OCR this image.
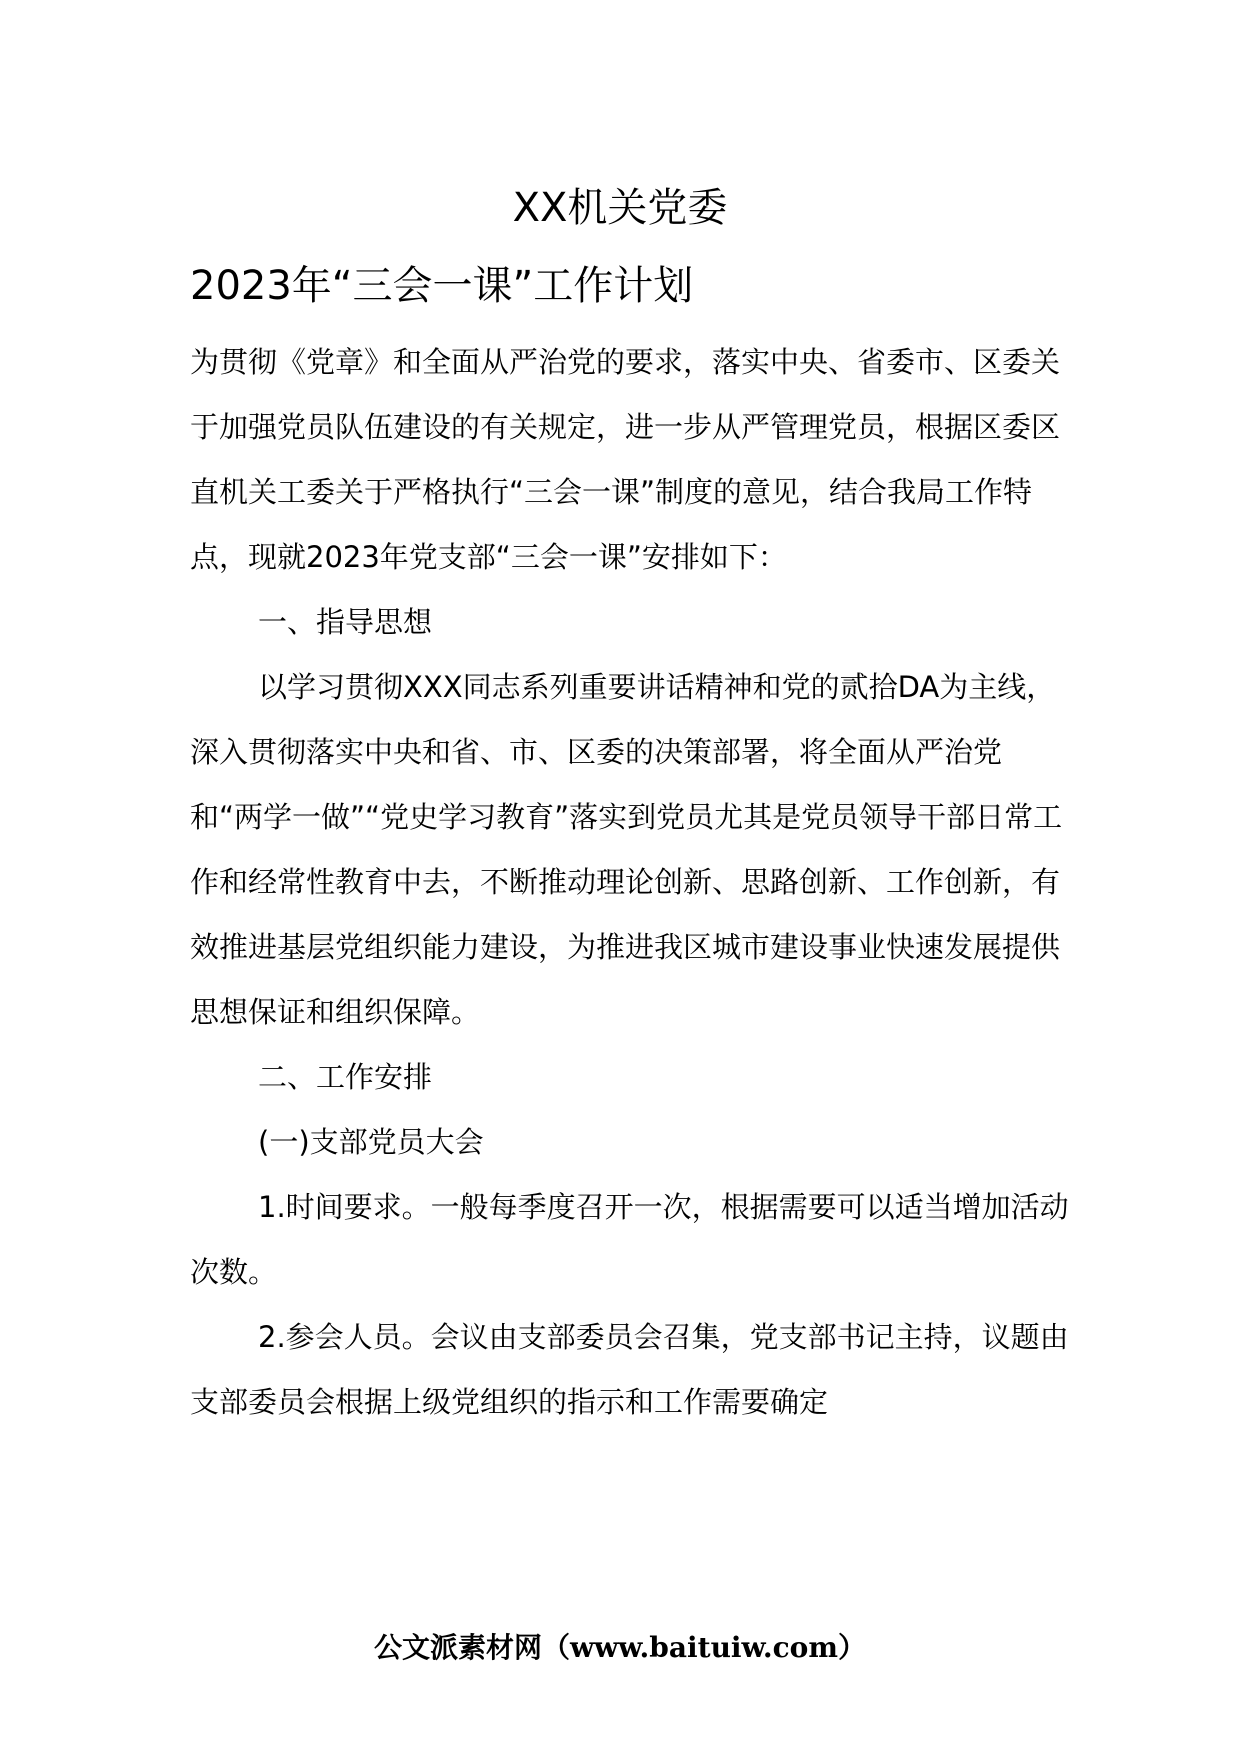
XX机关党委
2023年“三会一课”工作计划

为贯彻《党章》和全面从严治党的要求，落实中央、省委市、区委关于加强党员队伍建设的有关规定，进一步从严管理党员，根据区委区直机关工委关于严格执行“三会一课”制度的意见，结合我局工作特点，现就2023年党支部“三会一课”安排如下：

一、指导思想

以学习贯彻XXX同志系列重要讲话精神和党的贰拾DA为主线，深入贯彻落实中央和省、市、区委的决策部署，将全面从严治党和“两学一做”“党史学习教育”落实到党员尤其是党员领导干部日常工作和经常性教育中去，不断推动理论创新、思路创新、工作创新，有效推进基层党组织能力建设，为推进我区城市建设事业快速发展提供思想保证和组织保障。

二、工作安排

(一)支部党员大会

1.时间要求。一般每季度召开一次，根据需要可以适当增加活动次数。

2.参会人员。会议由支部委员会召集，党支部书记主持，议题由支部委员会根据上级党组织的指示和工作需要确定

公文派素材网（www.baituiw.com）
